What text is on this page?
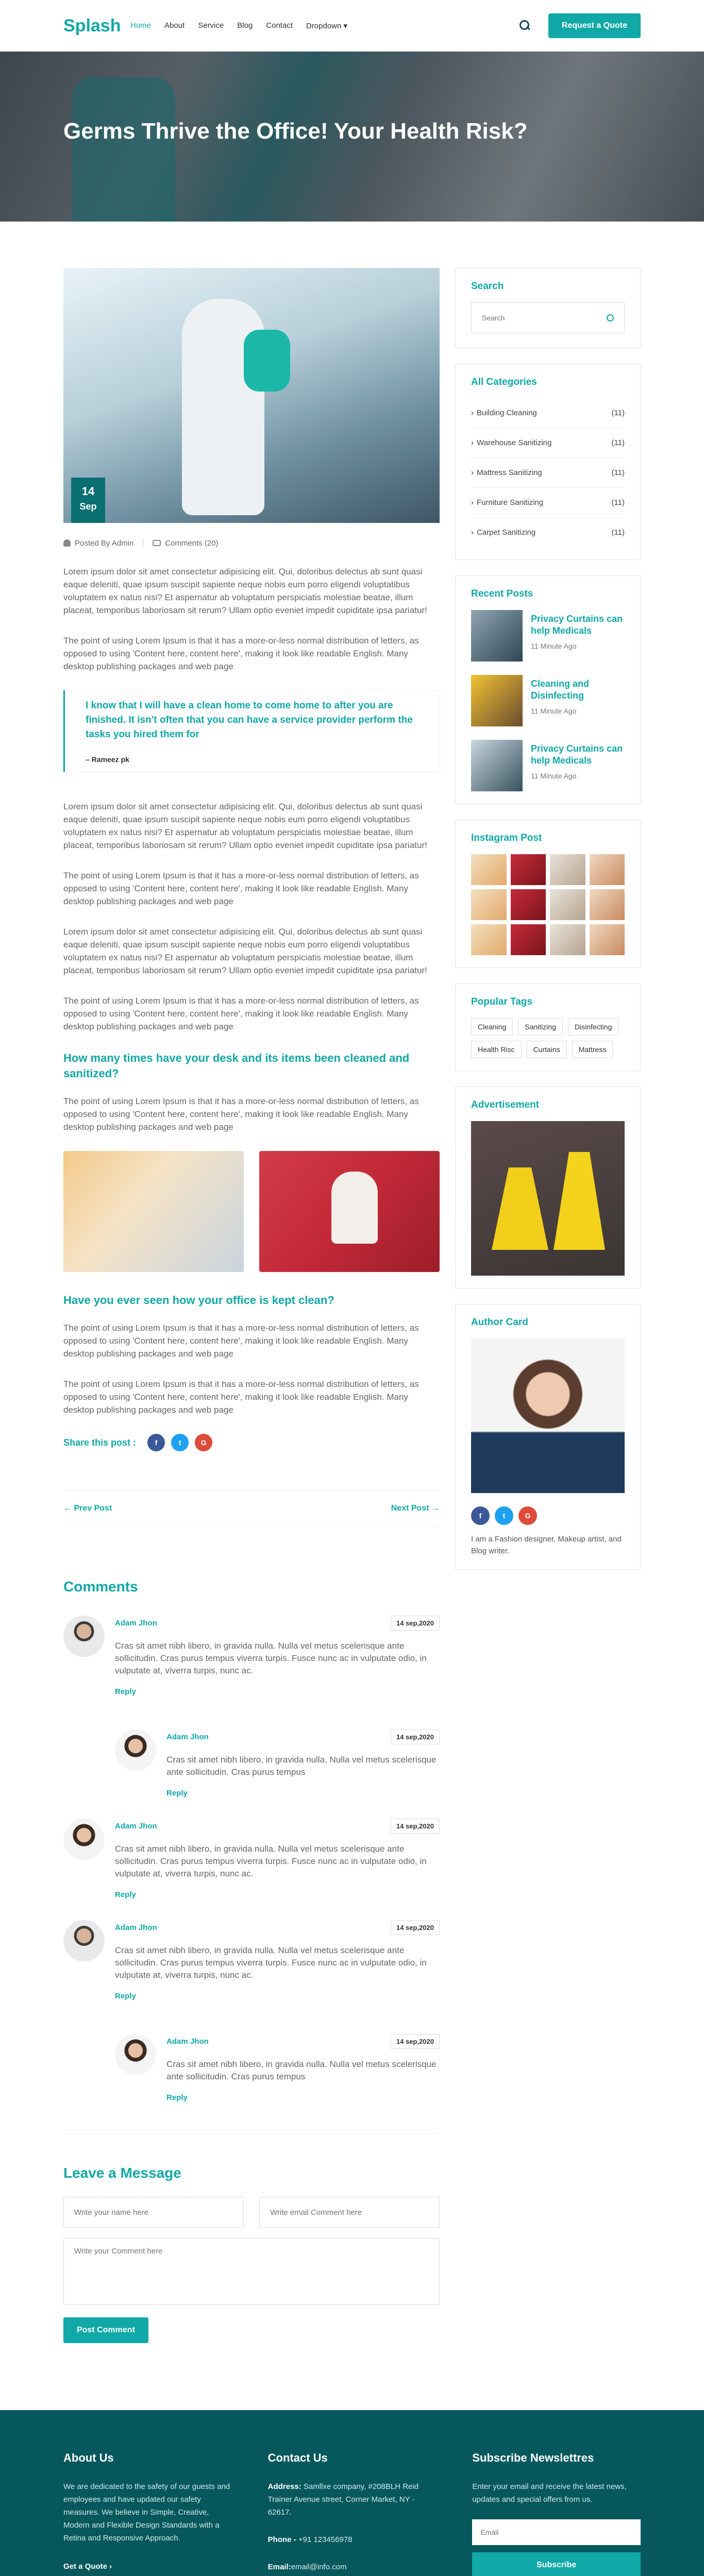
Splash	Home About Service Blog Contact Dropdown ▾	Request a Quote
Germs Thrive the Office! Your Health Risk?
14
Sep
Posted By Admin	Comments (20)

Lorem ipsum dolor sit amet consectetur adipisicing elit. Qui, doloribus delectus ab sunt quasi eaque deleniti, quae ipsum suscipit sapiente neque nobis eum porro eligendi voluptatibus voluptatem ex natus nisi? Et aspernatur ab voluptatum perspiciatis molestiae beatae, illum placeat, temporibus laboriosam sit rerum? Ullam optio eveniet impedit cupiditate ipsa pariatur!

The point of using Lorem Ipsum is that it has a more-or-less normal distribution of letters, as opposed to using 'Content here, content here', making it look like readable English. Many desktop publishing packages and web page

I know that I will have a clean home to come home to after you are finished. It isn't often that you can have a service provider perform the tasks you hired them for
– Rameez pk

Lorem ipsum dolor sit amet consectetur adipisicing elit. Qui, doloribus delectus ab sunt quasi eaque deleniti, quae ipsum suscipit sapiente neque nobis eum porro eligendi voluptatibus voluptatem ex natus nisi? Et aspernatur ab voluptatum perspiciatis molestiae beatae, illum placeat, temporibus laboriosam sit rerum? Ullam optio eveniet impedit cupiditate ipsa pariatur!

The point of using Lorem Ipsum is that it has a more-or-less normal distribution of letters, as opposed to using 'Content here, content here', making it look like readable English. Many desktop publishing packages and web page

Lorem ipsum dolor sit amet consectetur adipisicing elit. Qui, doloribus delectus ab sunt quasi eaque deleniti, quae ipsum suscipit sapiente neque nobis eum porro eligendi voluptatibus voluptatem ex natus nisi? Et aspernatur ab voluptatum perspiciatis molestiae beatae, illum placeat, temporibus laboriosam sit rerum? Ullam optio eveniet impedit cupiditate ipsa pariatur!

The point of using Lorem Ipsum is that it has a more-or-less normal distribution of letters, as opposed to using 'Content here, content here', making it look like readable English. Many desktop publishing packages and web page

How many times have your desk and its items been cleaned and sanitized?

The point of using Lorem Ipsum is that it has a more-or-less normal distribution of letters, as opposed to using 'Content here, content here', making it look like readable English. Many desktop publishing packages and web page

Have you ever seen how your office is kept clean?

The point of using Lorem Ipsum is that it has a more-or-less normal distribution of letters, as opposed to using 'Content here, content here', making it look like readable English. Many desktop publishing packages and web page

The point of using Lorem Ipsum is that it has a more-or-less normal distribution of letters, as opposed to using 'Content here, content here', making it look like readable English. Many desktop publishing packages and web page

Share this post :	f	t	G
← Prev Post	Next Post →
Comments
Adam Jhon	14 sep,2020

Cras sit amet nibh libero, in gravida nulla. Nulla vel metus scelerisque ante sollicitudin. Cras purus tempus viverra turpis. Fusce nunc ac in vulputate odio, in vulputate at, viverra turpis, nunc ac.

Reply
Adam Jhon	14 sep,2020

Cras sit amet nibh libero, in gravida nulla. Nulla vel metus scelerisque ante sollicitudin. Cras purus tempus

Reply
Adam Jhon	14 sep,2020

Cras sit amet nibh libero, in gravida nulla. Nulla vel metus scelerisque ante sollicitudin. Cras purus tempus viverra turpis. Fusce nunc ac in vulputate odio, in vulputate at, viverra turpis, nunc ac.

Reply
Adam Jhon	14 sep,2020

Cras sit amet nibh libero, in gravida nulla. Nulla vel metus scelerisque ante sollicitudin. Cras purus tempus viverra turpis. Fusce nunc ac in vulputate odio, in vulputate at, viverra turpis, nunc ac.

Reply
Adam Jhon	14 sep,2020

Cras sit amet nibh libero, in gravida nulla. Nulla vel metus scelerisque ante sollicitudin. Cras purus tempus

Reply
Leave a Message
Write your name here
Write email Comment here
Write your Comment here Post Comment
Search
Search
All Categories
› Building Cleaning	(11)
› Warehouse Sanitizing	(11)
› Mattress Sanitizing	(11)
› Furniture Sanitizing	(11)
› Carpet Sanitizing	(11)
Recent Posts
Privacy Curtains can help Medicals
11 Minute Ago
Cleaning and Disinfecting
11 Minute Ago
Privacy Curtains can help Medicals
11 Minute Ago
Instagram Post
Popular Tags
Cleaning	Sanitizing	Disinfecting
Health Risc	Curtains	Mattress
Advertisement
Author Card
f	t	G

I am a Fashion designer, Makeup artist, and Blog writer.

About Us

We are dedicated to the safety of our guests and employees and have updated our safety measures. We believe in Simple, Creative, Modern and Flexible Design Standards with a Retina and Responsive Approach.

Get a Quote ›
Contact Us
Address: Samllxe company, #208BLH Reid Trainer Avenue street, Corner Market, NY - 62617.
Phone - +91 123456978
Email:email@info.com
Subscribe Newslettres

Enter your email and receive the latest news, updates and special offers from us.

Email Subscribe
